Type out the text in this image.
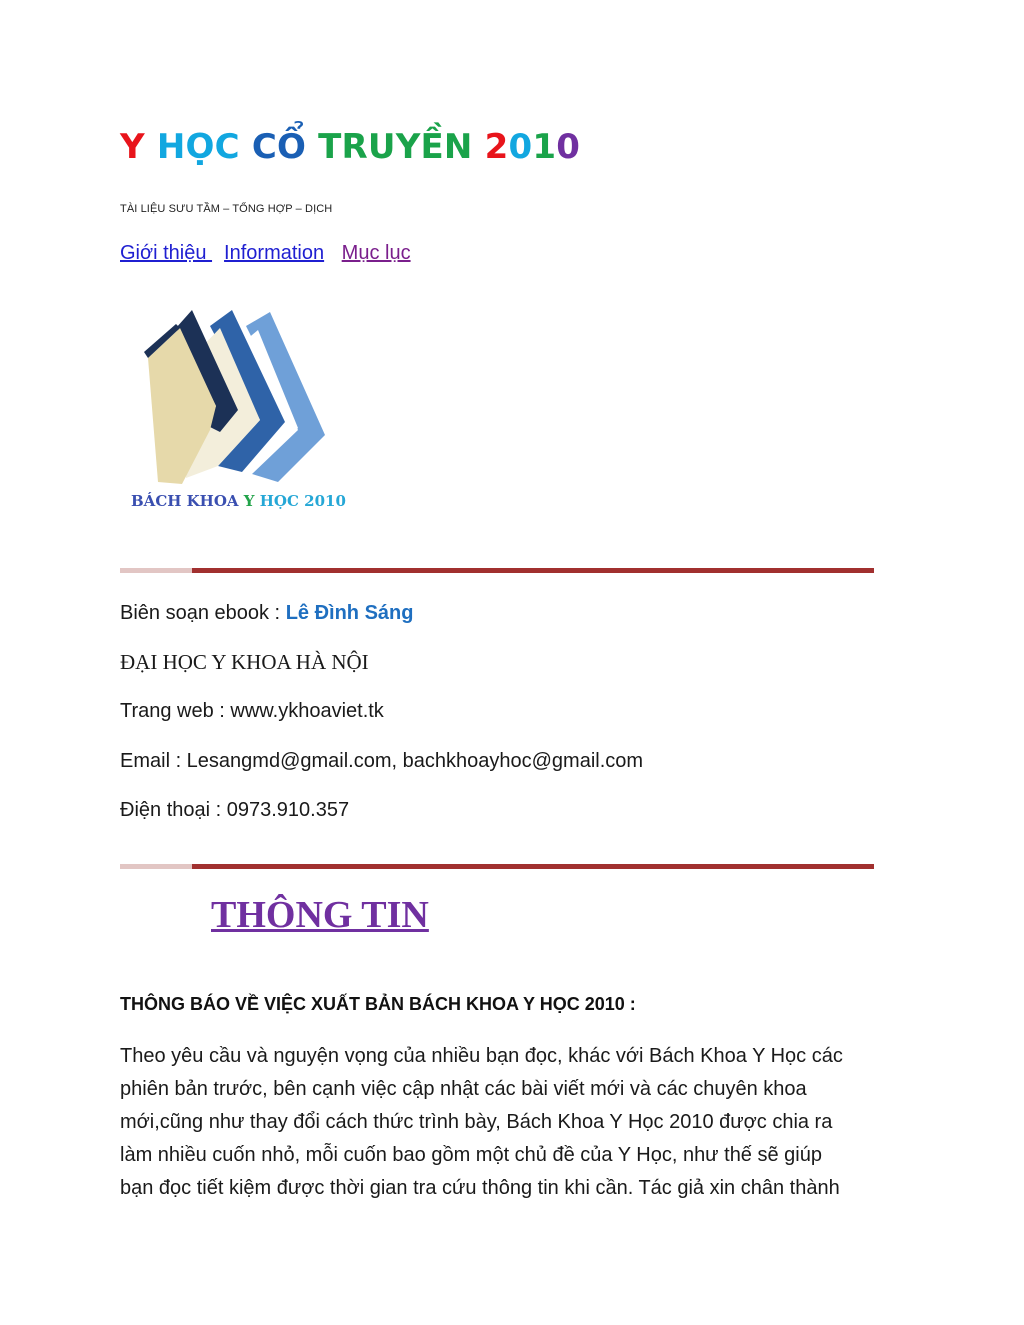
Y HỌC CỔ TRUYỀN 2010
TÀI LIỆU SƯU TẦM – TỔNG HỢP – DỊCH
Giới thiệu Information Mục lục
BÁCH KHOA Y HỌC 2010
Biên soạn ebook : Lê Đình Sáng
ĐẠI HỌC Y KHOA HÀ NỘI
Trang web : www.ykhoaviet.tk
Email : Lesangmd@gmail.com, bachkhoayhoc@gmail.com
Điện thoại : 0973.910.357
THÔNG TIN
THÔNG BÁO VỀ VIỆC XUẤT BẢN BÁCH KHOA Y HỌC 2010 :

Theo yêu cầu và nguyện vọng của nhiều bạn đọc, khác với Bách Khoa Y Học các
phiên bản trước, bên cạnh việc cập nhật các bài viết mới và các chuyên khoa
mới,cũng như thay đổi cách thức trình bày, Bách Khoa Y Học 2010 được chia ra
làm nhiều cuốn nhỏ, mỗi cuốn bao gồm một chủ đề của Y Học, như thế sẽ giúp
bạn đọc tiết kiệm được thời gian tra cứu thông tin khi cần. Tác giả xin chân thành
